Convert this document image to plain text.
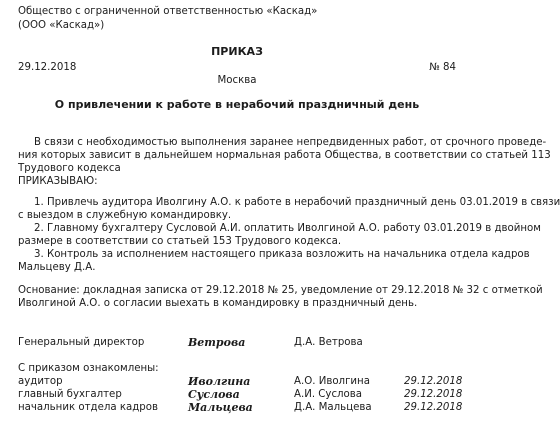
Общество с ограниченной ответственностью «Каскад»
(ООО «Каскад»)
ПРИКАЗ
29.12.2018	№ 84
Москва
О привлечении к работе в нерабочий праздничный день
В связи с необходимостью выполнения заранее непредвиденных работ, от срочного проведе-
ния которых зависит в дальнейшем нормальная работа Общества, в соответствии со статьей 113
Трудового кодекса
ПРИКАЗЫВАЮ:
1. Привлечь аудитора Иволгину А.О. к работе в нерабочий праздничный день 03.01.2019 в связи
с выездом в служебную командировку.
2. Главному бухгалтеру Сусловой А.И. оплатить Иволгиной А.О. работу 03.01.2019 в двойном
размере в соответствии со статьей 153 Трудового кодекса.
3. Контроль за исполнением настоящего приказа возложить на начальника отдела кадров
Мальцеву Д.А.
Основание: докладная записка от 29.12.2018 № 25, уведомление от 29.12.2018 № 32 с отметкой
Иволгиной А.О. о согласии выехать в командировку в праздничный день.
Генеральный директор	Ветрова	Д.А. Ветрова
С приказом ознакомлены:
аудитор	Иволгина	А.О. Иволгина	29.12.2018
главный бухгалтер	Суслова	А.И. Суслова	29.12.2018
начальник отдела кадров	Мальцева	Д.А. Мальцева	29.12.2018
